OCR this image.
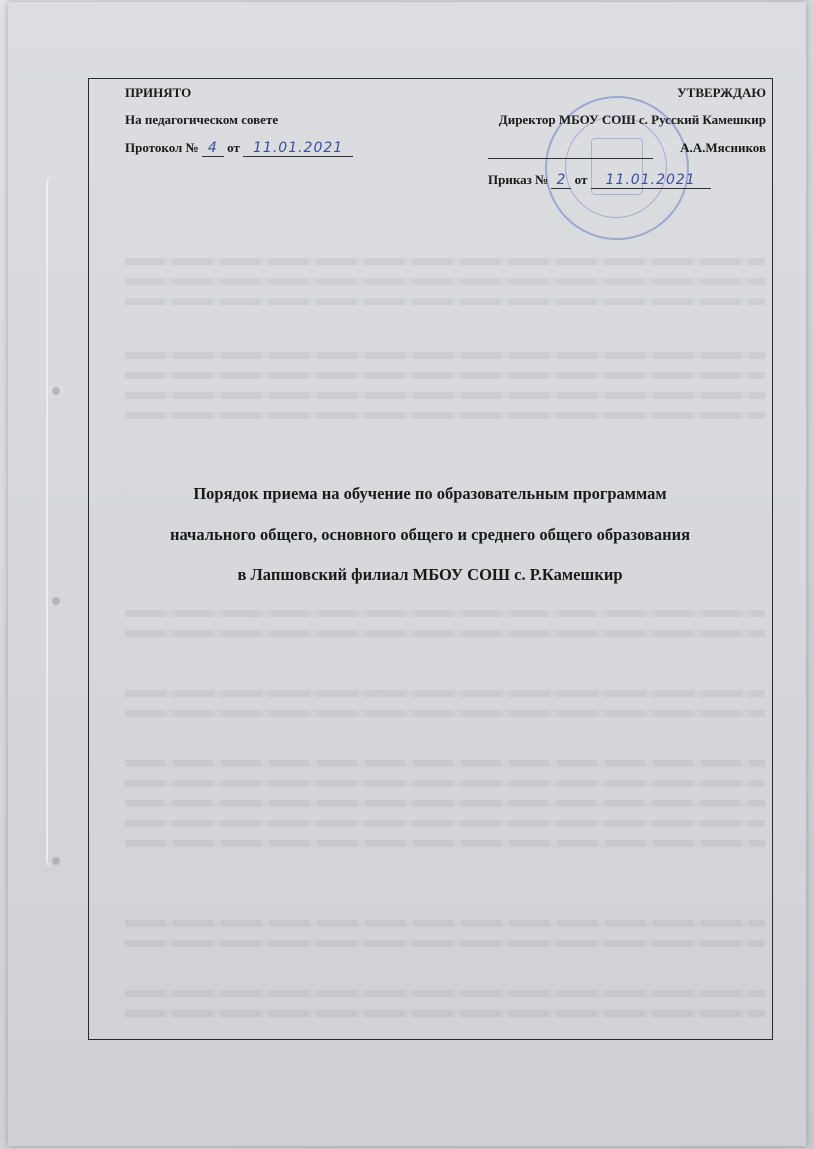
ПРИНЯТО
На педагогическом совете
Протокол № 4 от 11.01.2021
УТВЕРЖДАЮ
Директор МБОУ СОШ с. Русский Камешкир
А.А.Мясников
Приказ № 2 от 11.01.2021
Порядок приема на обучение по образовательным программам
начального общего, основного общего и среднего общего образования
в Лапшовский филиал МБОУ СОШ с. Р.Камешкир
